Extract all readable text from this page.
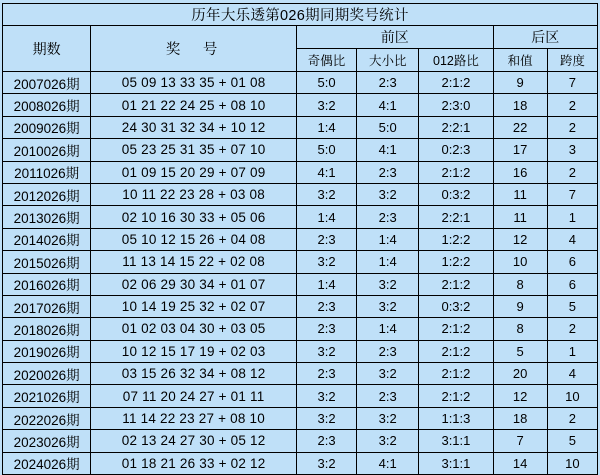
历年大乐透第026期同期奖号统计						
期数	奖　号	前区			后区	
		奇偶比	大小比	012路比	和值	跨度
2007026期	05 09 13 33 35 + 01 08	5:0	2:3	2:1:2	9	7
2008026期	01 21 22 24 25 + 08 10	3:2	4:1	2:3:0	18	2
2009026期	24 30 31 32 34 + 10 12	1:4	5:0	2:2:1	22	2
2010026期	05 23 25 31 35 + 07 10	5:0	4:1	0:2:3	17	3
2011026期	01 09 15 20 29 + 07 09	4:1	2:3	2:1:2	16	2
2012026期	10 11 22 23 28 + 03 08	3:2	3:2	0:3:2	11	7
2013026期	02 10 16 30 33 + 05 06	1:4	2:3	2:2:1	11	1
2014026期	05 10 12 15 26 + 04 08	2:3	1:4	1:2:2	12	4
2015026期	11 13 14 15 22 + 02 08	3:2	1:4	1:2:2	10	6
2016026期	02 06 29 30 34 + 01 07	1:4	3:2	2:1:2	8	6
2017026期	10 14 19 25 32 + 02 07	2:3	3:2	0:3:2	9	5
2018026期	01 02 03 04 30 + 03 05	2:3	1:4	2:1:2	8	2
2019026期	10 12 15 17 19 + 02 03	3:2	2:3	2:1:2	5	1
2020026期	03 15 26 32 34 + 08 12	2:3	3:2	2:1:2	20	4
2021026期	07 11 20 24 27 + 01 11	3:2	2:3	2:1:2	12	10
2022026期	11 14 22 23 27 + 08 10	3:2	3:2	1:1:3	18	2
2023026期	02 13 24 27 30 + 05 12	2:3	3:2	3:1:1	7	5
2024026期	01 18 21 26 33 + 02 12	3:2	4:1	3:1:1	14	10
